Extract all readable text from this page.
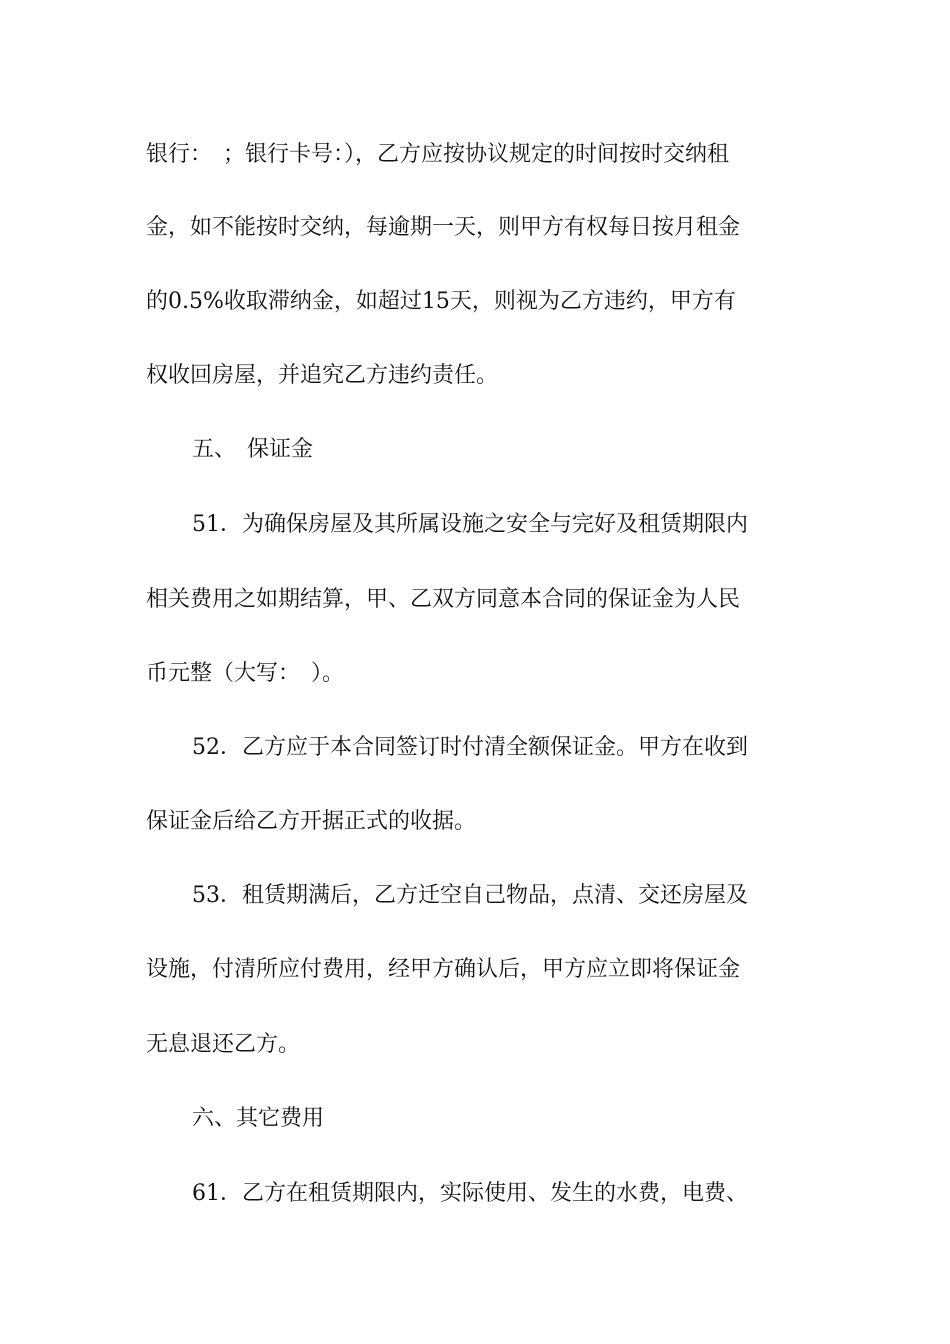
银行：　；银行卡号：），乙方应按协议规定的时间按时交纳租
金，如不能按时交纳，每逾期一天，则甲方有权每日按月租金
的0.5%收取滞纳金，如超过15天，则视为乙方违约，甲方有
权收回房屋，并追究乙方违约责任。
五、　保证金
51．为确保房屋及其所属设施之安全与完好及租赁期限内
相关费用之如期结算，甲、乙双方同意本合同的保证金为人民
币元整（大写：　）。
52．乙方应于本合同签订时付清全额保证金。甲方在收到
保证金后给乙方开据正式的收据。
53．租赁期满后，乙方迁空自己物品，点清、交还房屋及
设施，付清所应付费用，经甲方确认后，甲方应立即将保证金
无息退还乙方。
六、其它费用
61．乙方在租赁期限内，实际使用、发生的水费，电费、
